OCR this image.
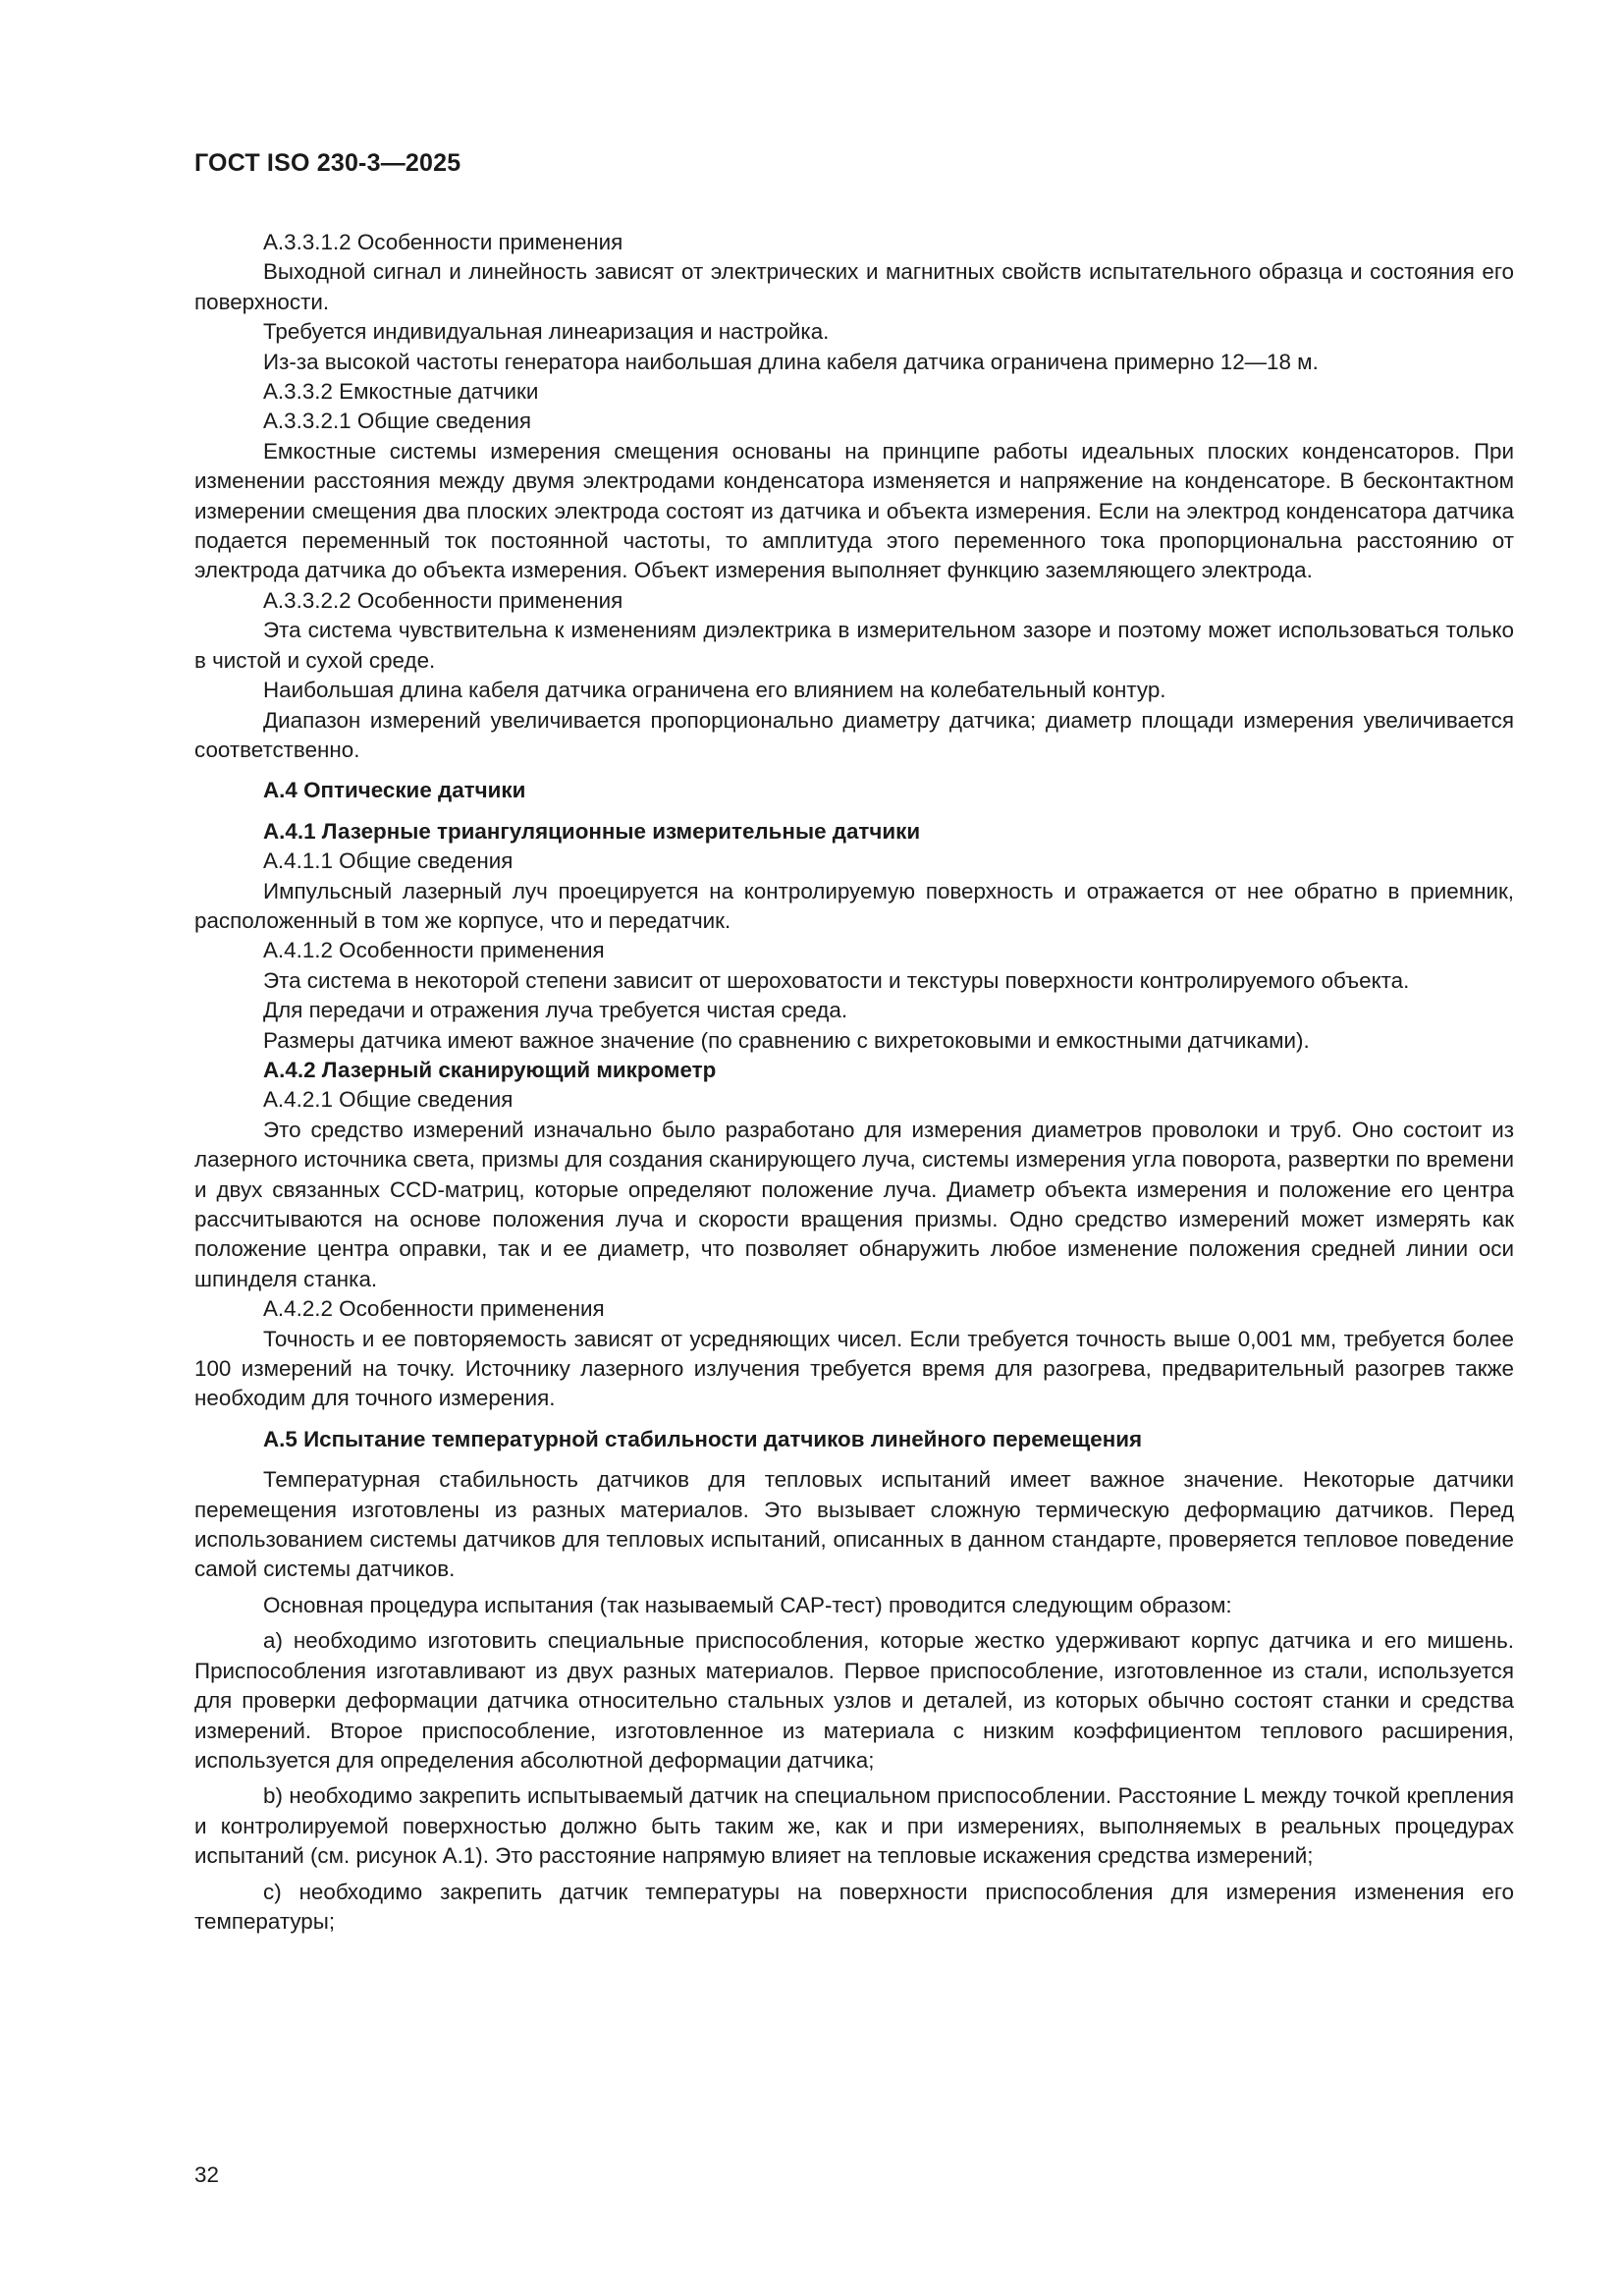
ГОСТ ISO 230-3—2025

А.3.3.1.2 Особенности применения

Выходной сигнал и линейность зависят от электрических и магнитных свойств испытательного образца и состояния его поверхности.

Требуется индивидуальная линеаризация и настройка.

Из-за высокой частоты генератора наибольшая длина кабеля датчика ограничена примерно 12—18 м.

А.3.3.2 Емкостные датчики

А.3.3.2.1 Общие сведения

Емкостные системы измерения смещения основаны на принципе работы идеальных плоских конденсаторов. При изменении расстояния между двумя электродами конденсатора изменяется и напряжение на конденсаторе. В бесконтактном измерении смещения два плоских электрода состоят из датчика и объекта измерения. Если на электрод конденсатора датчика подается переменный ток постоянной частоты, то амплитуда этого переменного тока пропорциональна расстоянию от электрода датчика до объекта измерения. Объект измерения выполняет функцию заземляющего электрода.

А.3.3.2.2 Особенности применения

Эта система чувствительна к изменениям диэлектрика в измерительном зазоре и поэтому может использоваться только в чистой и сухой среде.

Наибольшая длина кабеля датчика ограничена его влиянием на колебательный контур.

Диапазон измерений увеличивается пропорционально диаметру датчика; диаметр площади измерения увеличивается соответственно.

А.4 Оптические датчики

А.4.1 Лазерные триангуляционные измерительные датчики

А.4.1.1 Общие сведения

Импульсный лазерный луч проецируется на контролируемую поверхность и отражается от нее обратно в приемник, расположенный в том же корпусе, что и передатчик.

А.4.1.2 Особенности применения

Эта система в некоторой степени зависит от шероховатости и текстуры поверхности контролируемого объекта.

Для передачи и отражения луча требуется чистая среда.

Размеры датчика имеют важное значение (по сравнению с вихретоковыми и емкостными датчиками).

А.4.2 Лазерный сканирующий микрометр

А.4.2.1 Общие сведения

Это средство измерений изначально было разработано для измерения диаметров проволоки и труб. Оно состоит из лазерного источника света, призмы для создания сканирующего луча, системы измерения угла поворота, развертки по времени и двух связанных CCD-матриц, которые определяют положение луча. Диаметр объекта измерения и положение его центра рассчитываются на основе положения луча и скорости вращения призмы. Одно средство измерений может измерять как положение центра оправки, так и ее диаметр, что позволяет обнаружить любое изменение положения средней линии оси шпинделя станка.

А.4.2.2 Особенности применения

Точность и ее повторяемость зависят от усредняющих чисел. Если требуется точность выше 0,001 мм, требуется более 100 измерений на точку. Источнику лазерного излучения требуется время для разогрева, предварительный разогрев также необходим для точного измерения.

А.5 Испытание температурной стабильности датчиков линейного перемещения

Температурная стабильность датчиков для тепловых испытаний имеет важное значение. Некоторые датчики перемещения изготовлены из разных материалов. Это вызывает сложную термическую деформацию датчиков. Перед использованием системы датчиков для тепловых испытаний, описанных в данном стандарте, проверяется тепловое поведение самой системы датчиков.

Основная процедура испытания (так называемый САР-тест) проводится следующим образом:

a) необходимо изготовить специальные приспособления, которые жестко удерживают корпус датчика и его мишень. Приспособления изготавливают из двух разных материалов. Первое приспособление, изготовленное из стали, используется для проверки деформации датчика относительно стальных узлов и деталей, из которых обычно состоят станки и средства измерений. Второе приспособление, изготовленное из материала с низким коэффициентом теплового расширения, используется для определения абсолютной деформации датчика;

b) необходимо закрепить испытываемый датчик на специальном приспособлении. Расстояние L между точкой крепления и контролируемой поверхностью должно быть таким же, как и при измерениях, выполняемых в реальных процедурах испытаний (см. рисунок А.1). Это расстояние напрямую влияет на тепловые искажения средства измерений;

c) необходимо закрепить датчик температуры на поверхности приспособления для измерения изменения его температуры;

32
